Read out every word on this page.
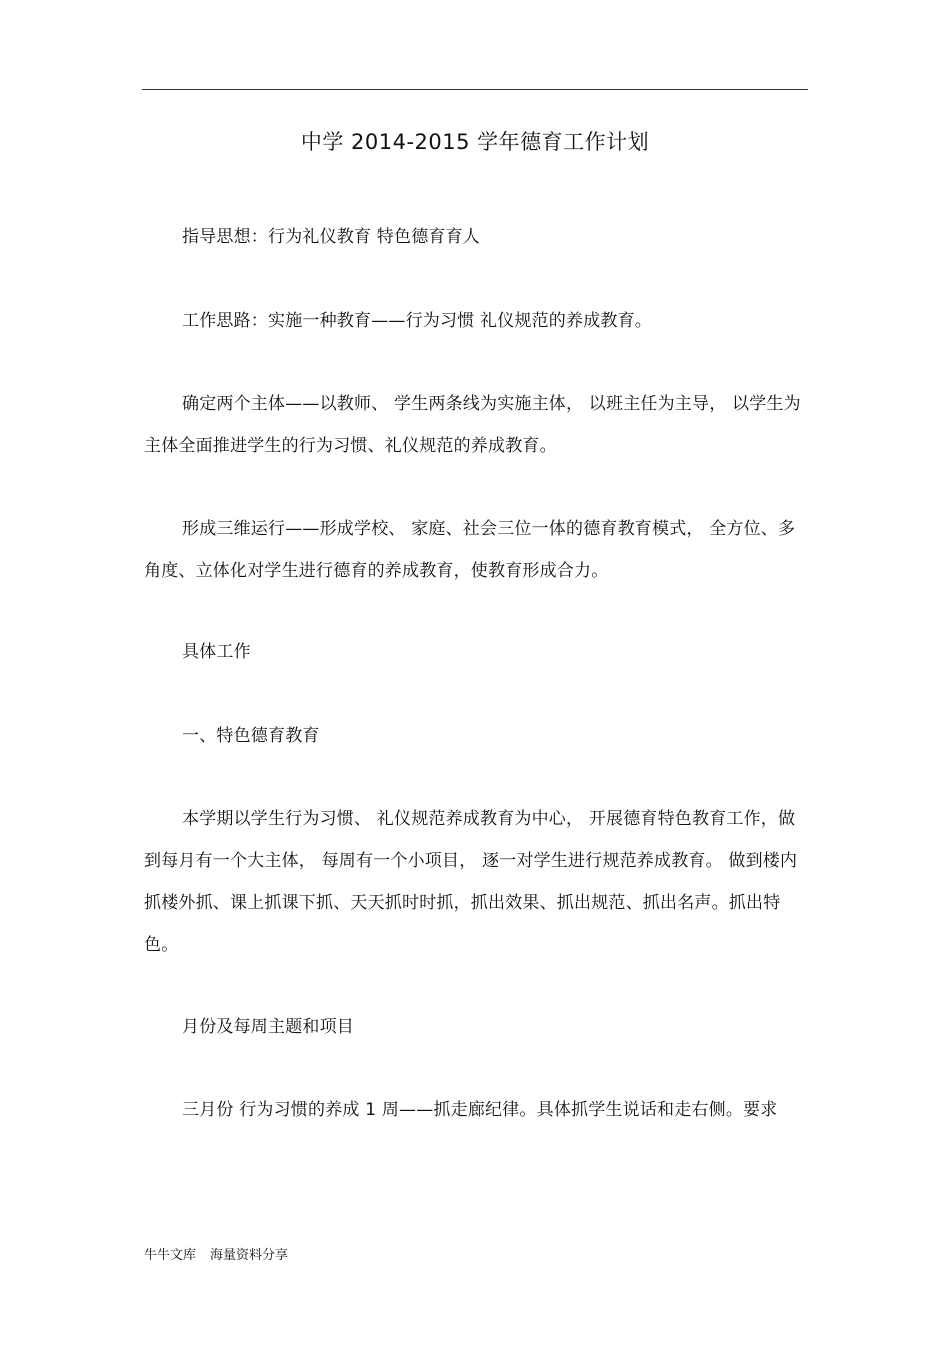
中学 2014-2015 学年德育工作计划

指导思想：行为礼仪教育 特色德育育人

工作思路：实施一种教育——行为习惯 礼仪规范的养成教育。

确定两个主体——以教师、 学生两条线为实施主体， 以班主任为主导， 以学生为主体全面推进学生的行为习惯、礼仪规范的养成教育。

形成三维运行——形成学校、 家庭、社会三位一体的德育教育模式， 全方位、多角度、立体化对学生进行德育的养成教育，使教育形成合力。

具体工作

一、特色德育教育

本学期以学生行为习惯、 礼仪规范养成教育为中心， 开展德育特色教育工作，做到每月有一个大主体， 每周有一个小项目， 逐一对学生进行规范养成教育。 做到楼内抓楼外抓、课上抓课下抓、天天抓时时抓，抓出效果、抓出规范、抓出名声。抓出特色。

月份及每周主题和项目

三月份 行为习惯的养成 1 周——抓走廊纪律。具体抓学生说话和走右侧。要求

牛牛文库 海量资料分享
